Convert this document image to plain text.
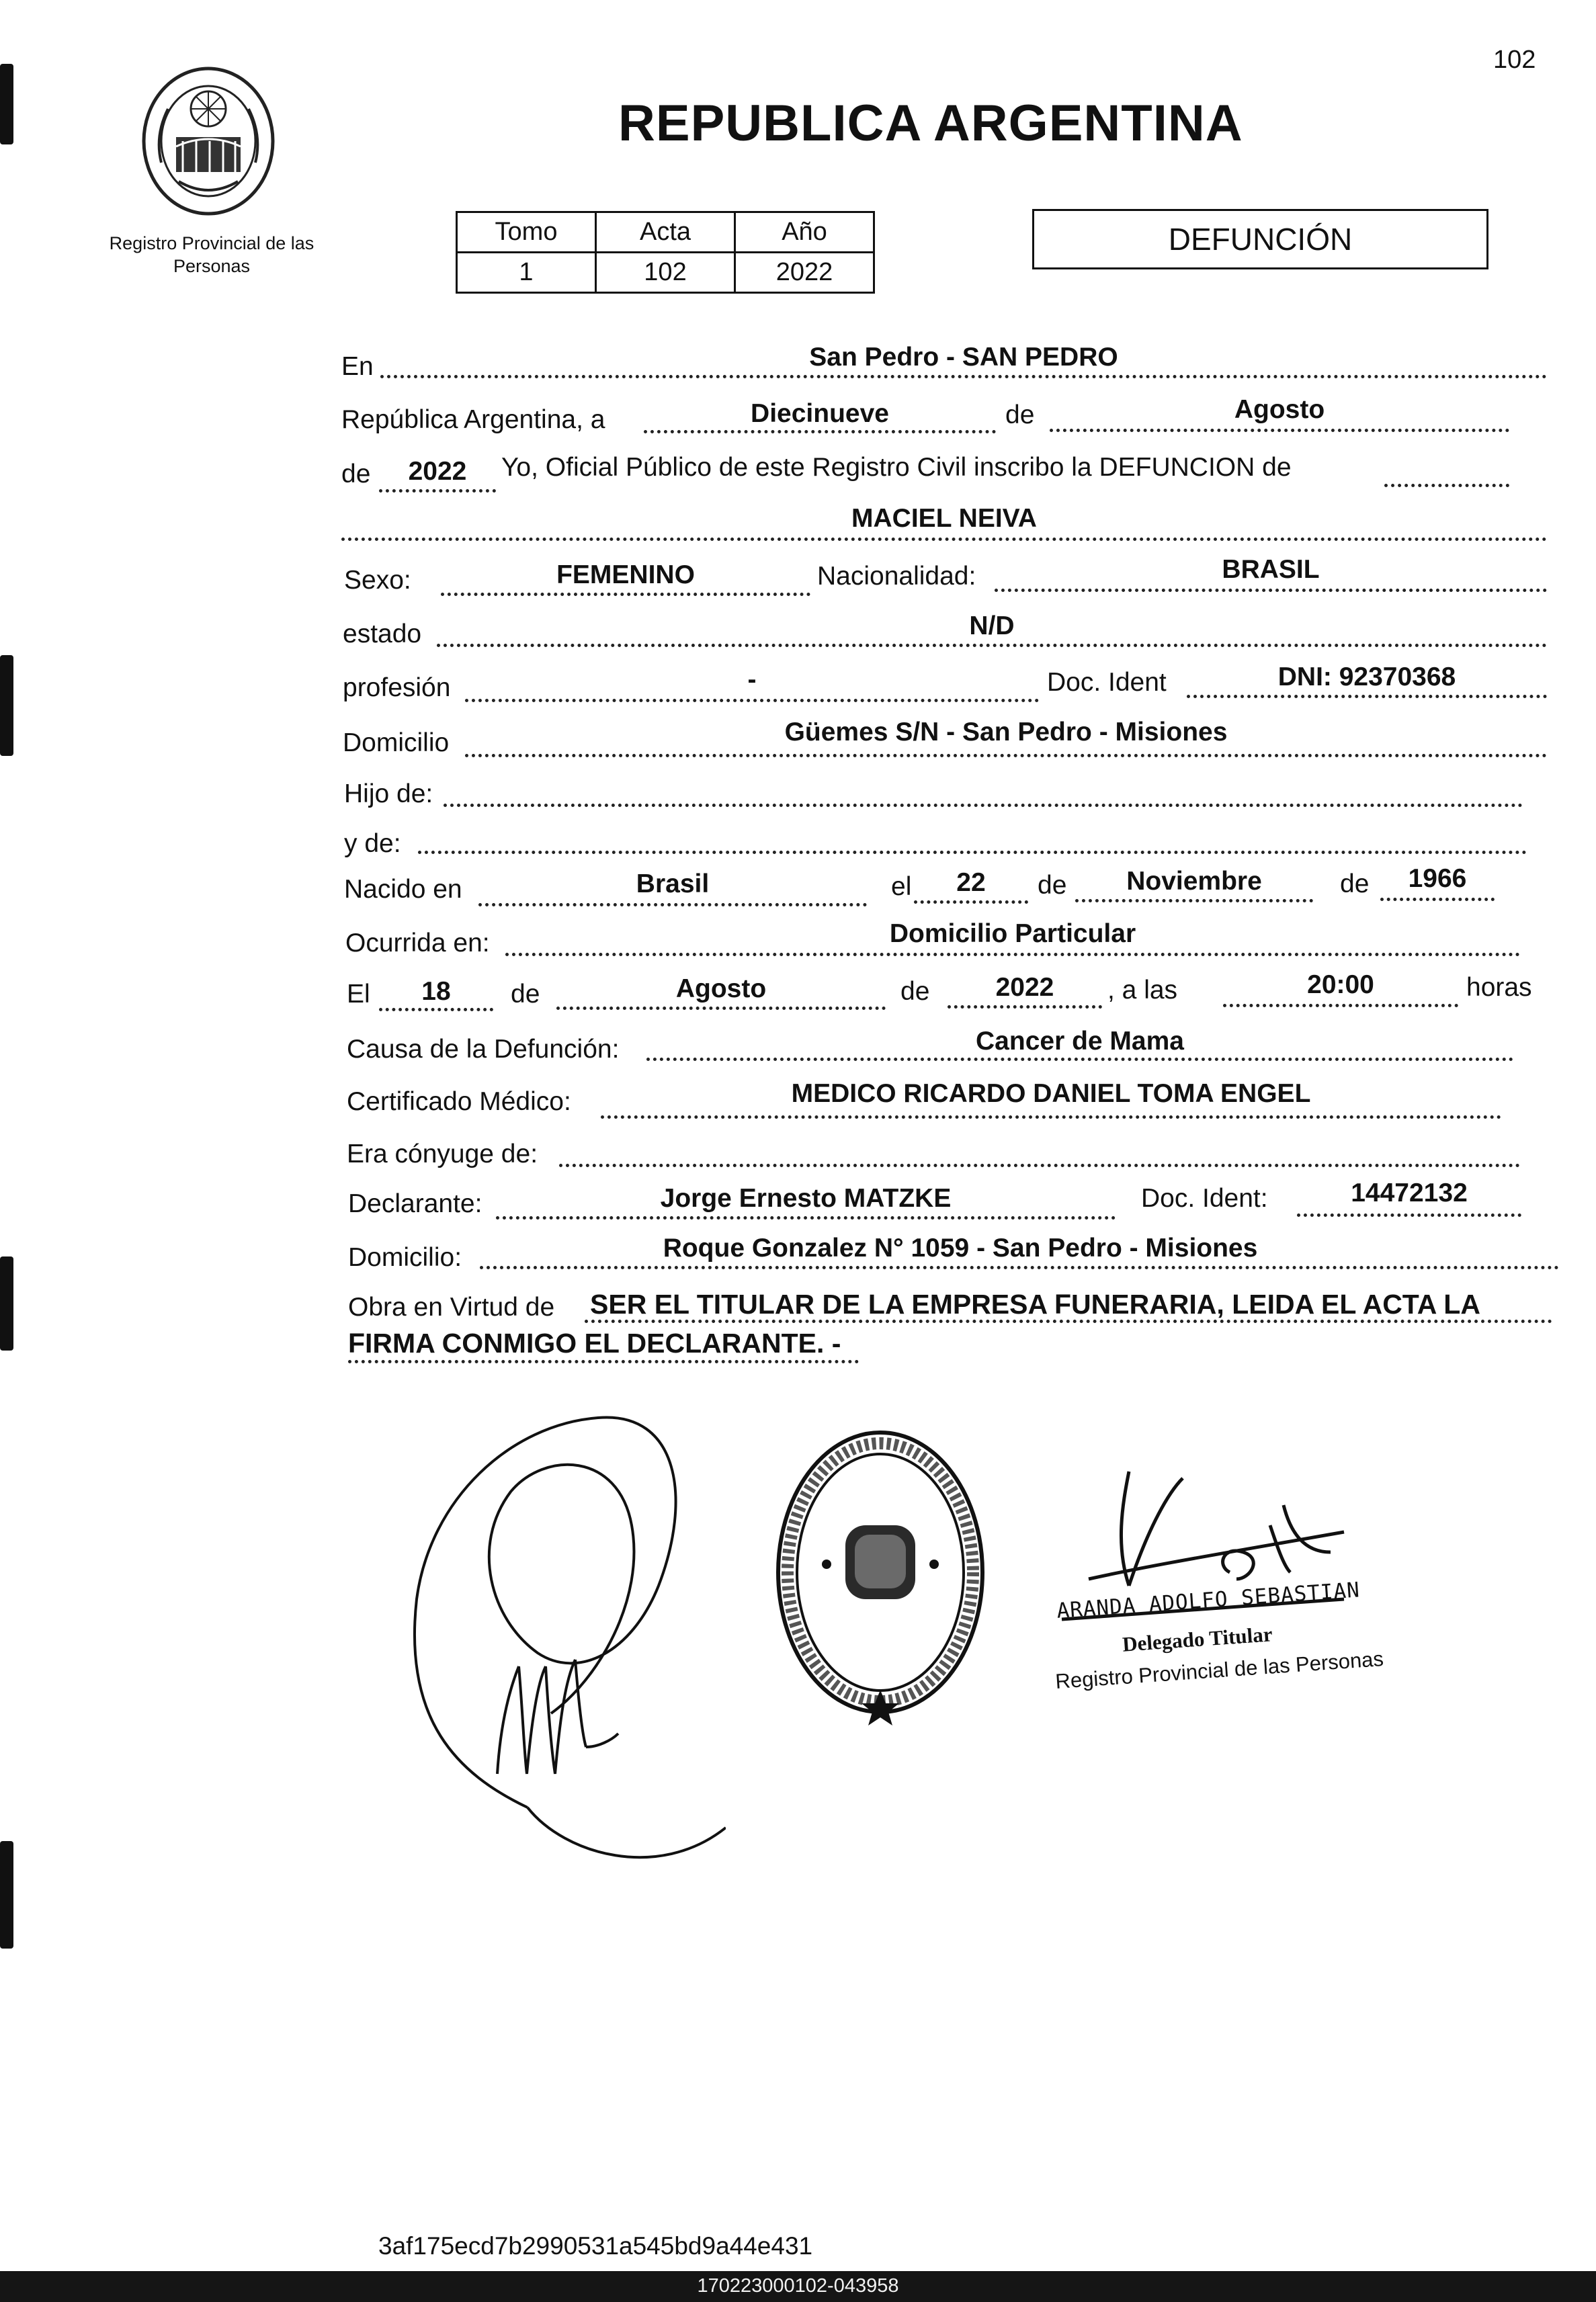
102
Registro Provincial de las Personas
REPUBLICA ARGENTINA
Tomo	Acta	Año
1	102	2022
DEFUNCIÓN
En	San Pedro - SAN PEDRO
República Argentina, a	Diecinueve	de	Agosto
de	2022	Yo, Oficial Público de este Registro Civil inscribo la DEFUNCION de
MACIEL NEIVA
Sexo:	FEMENINO	Nacionalidad:	BRASIL
estado	N/D
profesión	-	Doc. Ident	DNI: 92370368
Domicilio	Güemes S/N - San Pedro - Misiones
Hijo de:
y de:
Nacido en	Brasil	el	22	de	Noviembre	de	1966
Ocurrida en:	Domicilio Particular
El	18	de	Agosto	de	2022	, a las	20:00	horas
Causa de la Defunción:	Cancer de Mama
Certificado Médico:	MEDICO RICARDO DANIEL TOMA ENGEL
Era cónyuge de:
Declarante:	Jorge Ernesto MATZKE	Doc. Ident:	14472132
Domicilio:	Roque Gonzalez N° 1059 - San Pedro - Misiones
Obra en Virtud de SER EL TITULAR DE LA EMPRESA FUNERARIA, LEIDA EL ACTA LA
FIRMA CONMIGO EL DECLARANTE. -
ARANDA ADOLFO SEBASTIAN
Delegado Titular
Registro Provincial de las Personas
3af175ecd7b2990531a545bd9a44e431
170223000102-043958
